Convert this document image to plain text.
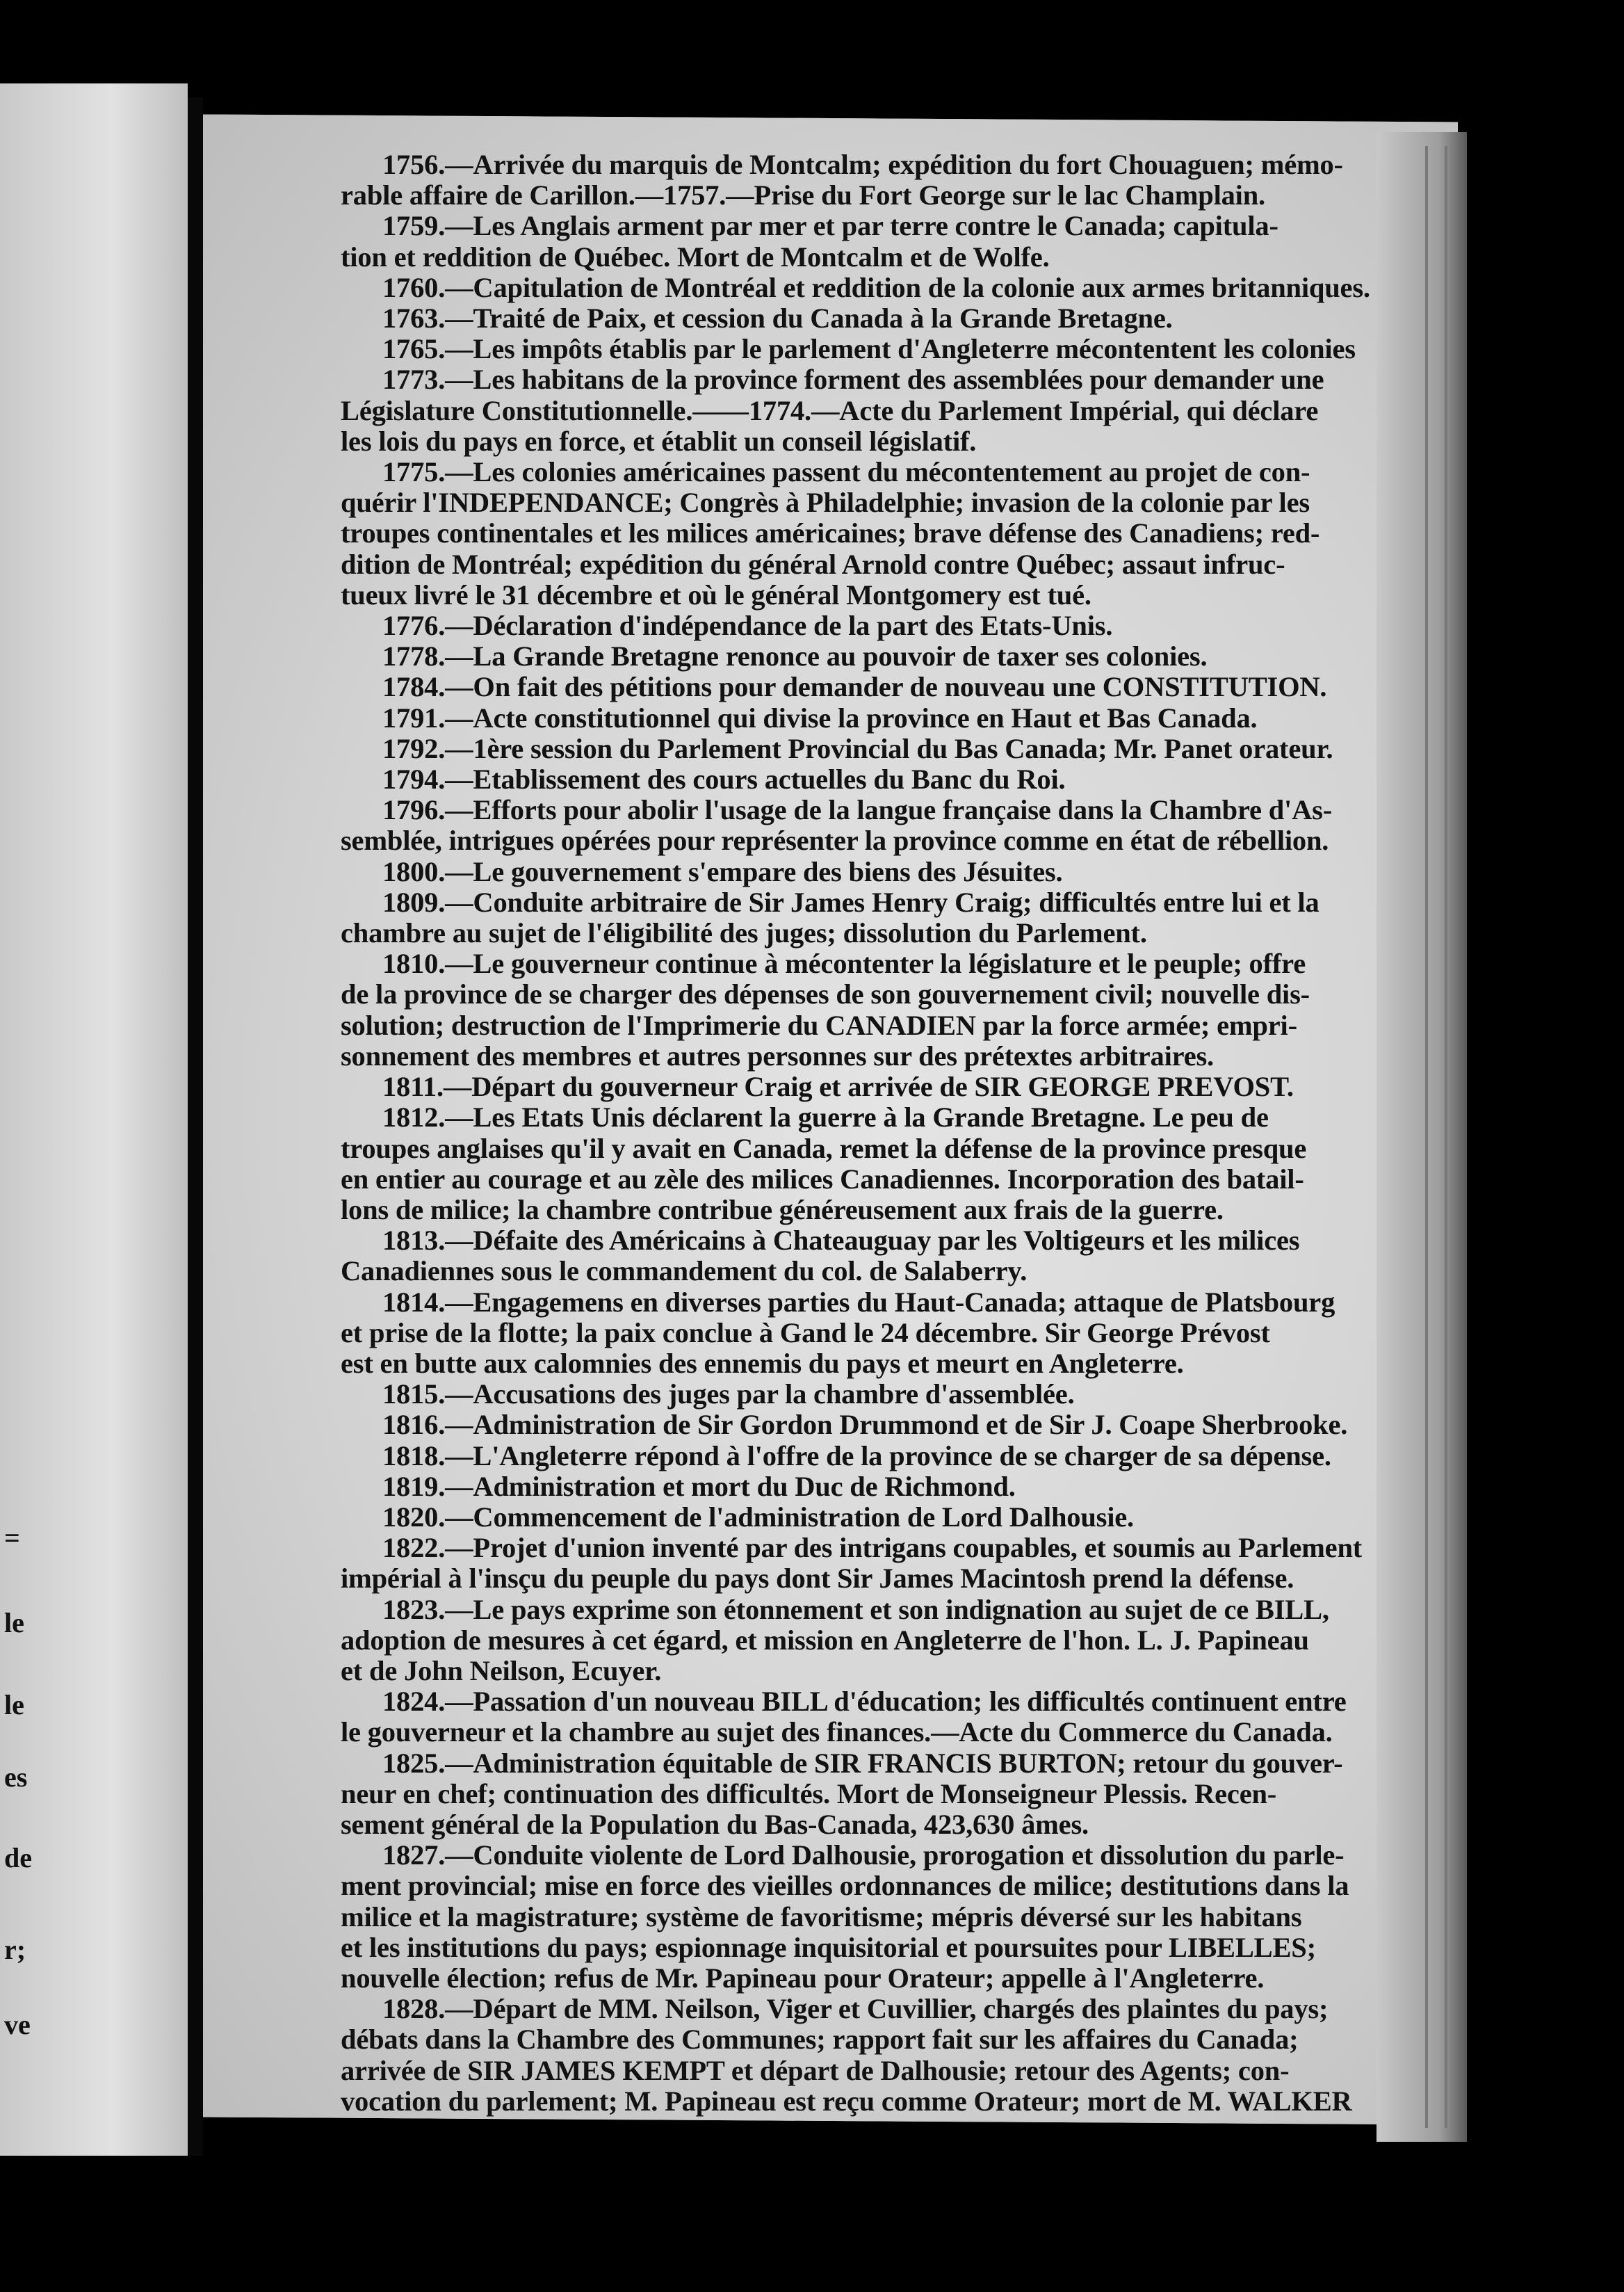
=
le
le
es
de
r;
ve
1756.—Arrivée du marquis de Montcalm; expédition du fort Chouaguen; mémo-
rable affaire de Carillon.—1757.—Prise du Fort George sur le lac Champlain.
1759.—Les Anglais arment par mer et par terre contre le Canada; capitula-
tion et reddition de Québec. Mort de Montcalm et de Wolfe.
1760.—Capitulation de Montréal et reddition de la colonie aux armes britanniques.
1763.—Traité de Paix, et cession du Canada à la Grande Bretagne.
1765.—Les impôts établis par le parlement d'Angleterre mécontentent les colonies
1773.—Les habitans de la province forment des assemblées pour demander une
Législature Constitutionnelle.——1774.—Acte du Parlement Impérial, qui déclare
les lois du pays en force, et établit un conseil législatif.
1775.—Les colonies américaines passent du mécontentement au projet de con-
quérir l'INDEPENDANCE; Congrès à Philadelphie; invasion de la colonie par les
troupes continentales et les milices américaines; brave défense des Canadiens; red-
dition de Montréal; expédition du général Arnold contre Québec; assaut infruc-
tueux livré le 31 décembre et où le général Montgomery est tué.
1776.—Déclaration d'indépendance de la part des Etats-Unis.
1778.—La Grande Bretagne renonce au pouvoir de taxer ses colonies.
1784.—On fait des pétitions pour demander de nouveau une CONSTITUTION.
1791.—Acte constitutionnel qui divise la province en Haut et Bas Canada.
1792.—1ère session du Parlement Provincial du Bas Canada; Mr. Panet orateur.
1794.—Etablissement des cours actuelles du Banc du Roi.
1796.—Efforts pour abolir l'usage de la langue française dans la Chambre d'As-
semblée, intrigues opérées pour représenter la province comme en état de rébellion.
1800.—Le gouvernement s'empare des biens des Jésuites.
1809.—Conduite arbitraire de Sir James Henry Craig; difficultés entre lui et la
chambre au sujet de l'éligibilité des juges; dissolution du Parlement.
1810.—Le gouverneur continue à mécontenter la législature et le peuple; offre
de la province de se charger des dépenses de son gouvernement civil; nouvelle dis-
solution; destruction de l'Imprimerie du CANADIEN par la force armée; empri-
sonnement des membres et autres personnes sur des prétextes arbitraires.
1811.—Départ du gouverneur Craig et arrivée de SIR GEORGE PREVOST.
1812.—Les Etats Unis déclarent la guerre à la Grande Bretagne. Le peu de
troupes anglaises qu'il y avait en Canada, remet la défense de la province presque
en entier au courage et au zèle des milices Canadiennes. Incorporation des batail-
lons de milice; la chambre contribue généreusement aux frais de la guerre.
1813.—Défaite des Américains à Chateauguay par les Voltigeurs et les milices
Canadiennes sous le commandement du col. de Salaberry.
1814.—Engagemens en diverses parties du Haut-Canada; attaque de Platsbourg
et prise de la flotte; la paix conclue à Gand le 24 décembre. Sir George Prévost
est en butte aux calomnies des ennemis du pays et meurt en Angleterre.
1815.—Accusations des juges par la chambre d'assemblée.
1816.—Administration de Sir Gordon Drummond et de Sir J. Coape Sherbrooke.
1818.—L'Angleterre répond à l'offre de la province de se charger de sa dépense.
1819.—Administration et mort du Duc de Richmond.
1820.—Commencement de l'administration de Lord Dalhousie.
1822.—Projet d'union inventé par des intrigans coupables, et soumis au Parlement
impérial à l'insçu du peuple du pays dont Sir James Macintosh prend la défense.
1823.—Le pays exprime son étonnement et son indignation au sujet de ce BILL,
adoption de mesures à cet égard, et mission en Angleterre de l'hon. L. J. Papineau
et de John Neilson, Ecuyer.
1824.—Passation d'un nouveau BILL d'éducation; les difficultés continuent entre
le gouverneur et la chambre au sujet des finances.—Acte du Commerce du Canada.
1825.—Administration équitable de SIR FRANCIS BURTON; retour du gouver-
neur en chef; continuation des difficultés. Mort de Monseigneur Plessis. Recen-
sement général de la Population du Bas-Canada, 423,630 âmes.
1827.—Conduite violente de Lord Dalhousie, prorogation et dissolution du parle-
ment provincial; mise en force des vieilles ordonnances de milice; destitutions dans la
milice et la magistrature; système de favoritisme; mépris déversé sur les habitans
et les institutions du pays; espionnage inquisitorial et poursuites pour LIBELLES;
nouvelle élection; refus de Mr. Papineau pour Orateur; appelle à l'Angleterre.
1828.—Départ de MM. Neilson, Viger et Cuvillier, chargés des plaintes du pays;
débats dans la Chambre des Communes; rapport fait sur les affaires du Canada;
arrivée de SIR JAMES KEMPT et départ de Dalhousie; retour des Agents; con-
vocation du parlement; M. Papineau est reçu comme Orateur; mort de M. WALKER
